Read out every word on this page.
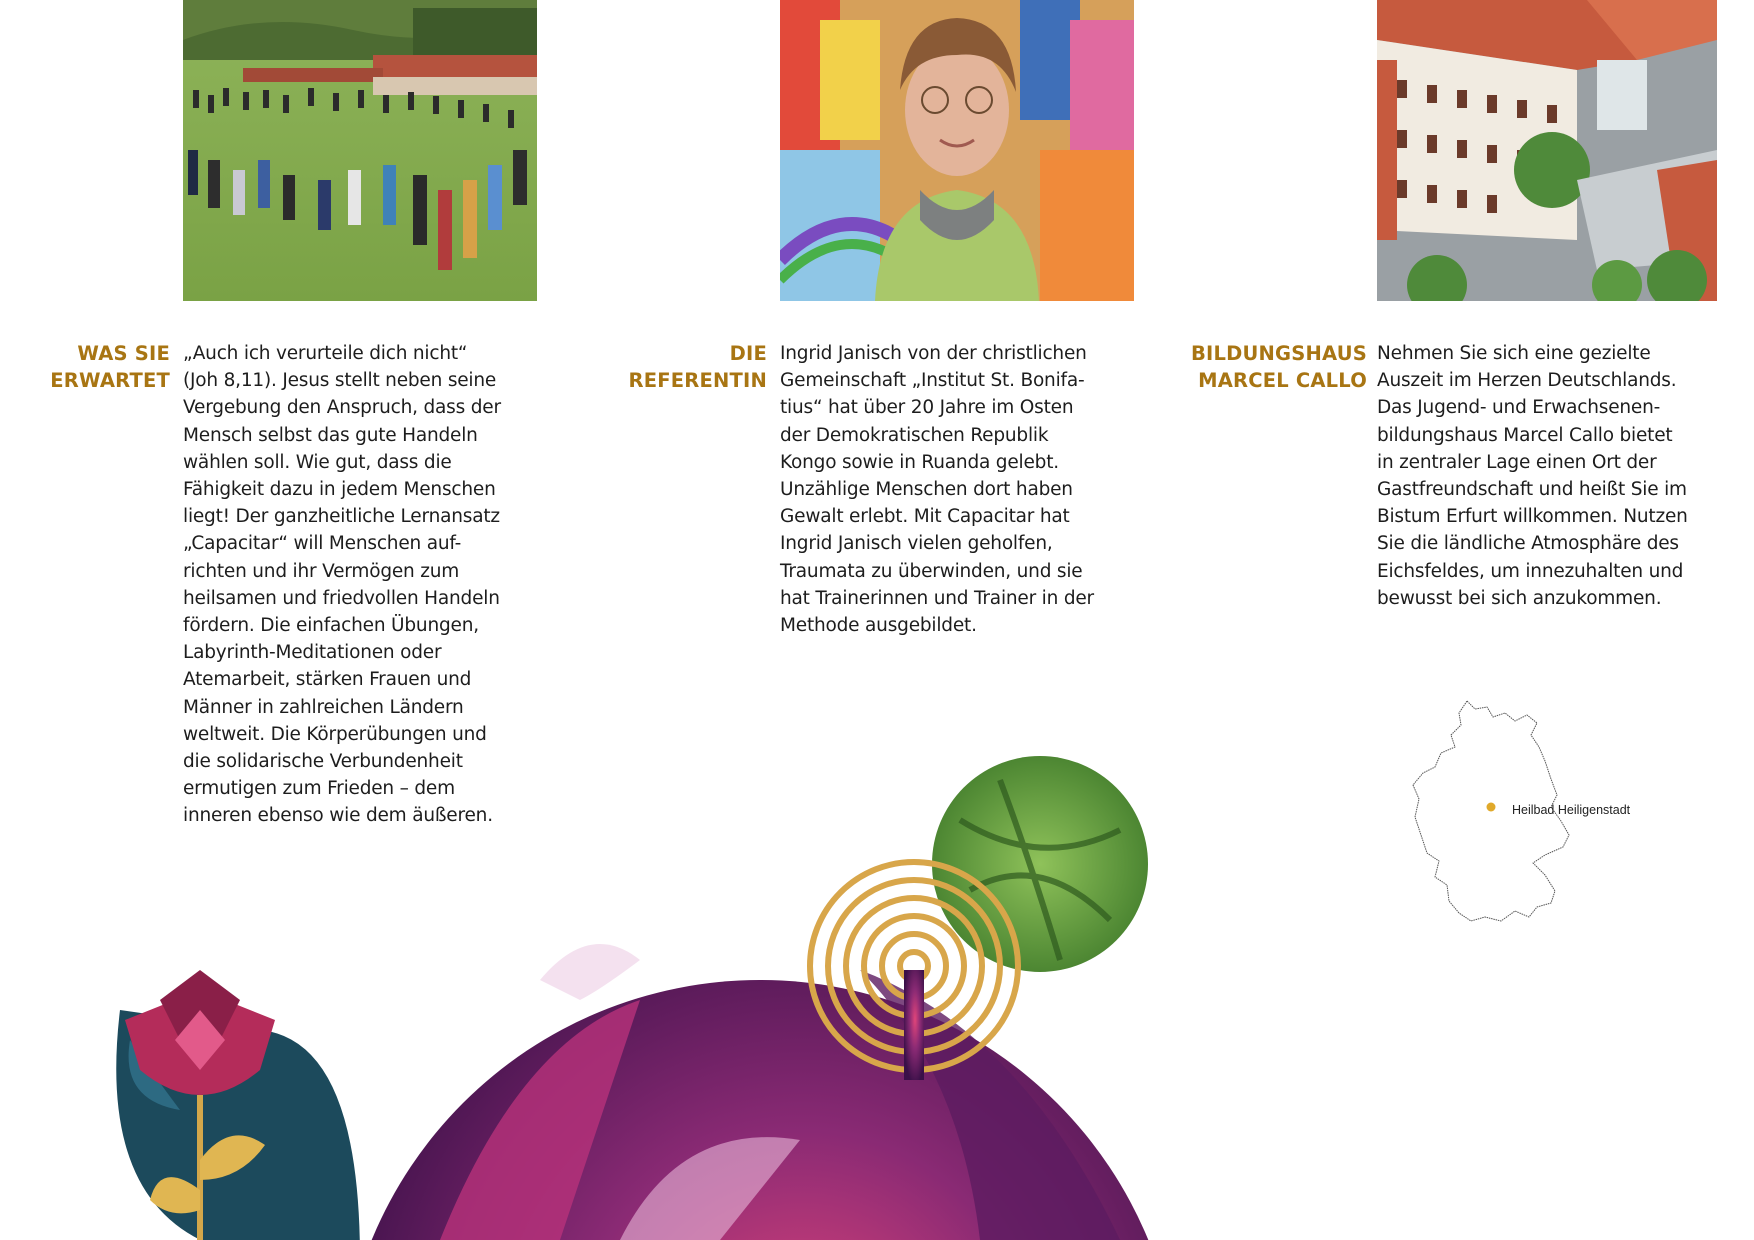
WAS SIE
ERWARTET

„Auch ich verurteile dich nicht“
(Joh 8,11). Jesus stellt neben seine
Vergebung den Anspruch, dass der
Mensch selbst das gute Handeln
wählen soll. Wie gut, dass die
Fähigkeit dazu in jedem Menschen
liegt! Der ganzheitliche Lernansatz
„Capacitar“ will Menschen auf-
richten und ihr Vermögen zum
heilsamen und friedvollen Handeln
fördern. Die einfachen Übungen,
Labyrinth-Meditationen oder
Atemarbeit, stärken Frauen und
Männer in zahlreichen Ländern
weltweit. Die Körperübungen und
die solidarische Verbundenheit
ermutigen zum Frieden – dem
inneren ebenso wie dem äußeren.

DIE
REFERENTIN

Ingrid Janisch von der christlichen
Gemeinschaft „Institut St. Bonifa-
tius“ hat über 20 Jahre im Osten
der Demokratischen Republik
Kongo sowie in Ruanda gelebt.
Unzählige Menschen dort haben
Gewalt erlebt. Mit Capacitar hat
Ingrid Janisch vielen geholfen,
Traumata zu überwinden, und sie
hat Trainerinnen und Trainer in der
Methode ausgebildet.

BILDUNGSHAUS
MARCEL CALLO

Nehmen Sie sich eine gezielte
Auszeit im Herzen Deutschlands.
Das Jugend- und Erwachsenen-
bildungshaus Marcel Callo bietet
in zentraler Lage einen Ort der
Gastfreundschaft und heißt Sie im
Bistum Erfurt willkommen. Nutzen
Sie die ländliche Atmosphäre des
Eichsfeldes, um innezuhalten und
bewusst bei sich anzukommen.

Heilbad Heiligenstadt
